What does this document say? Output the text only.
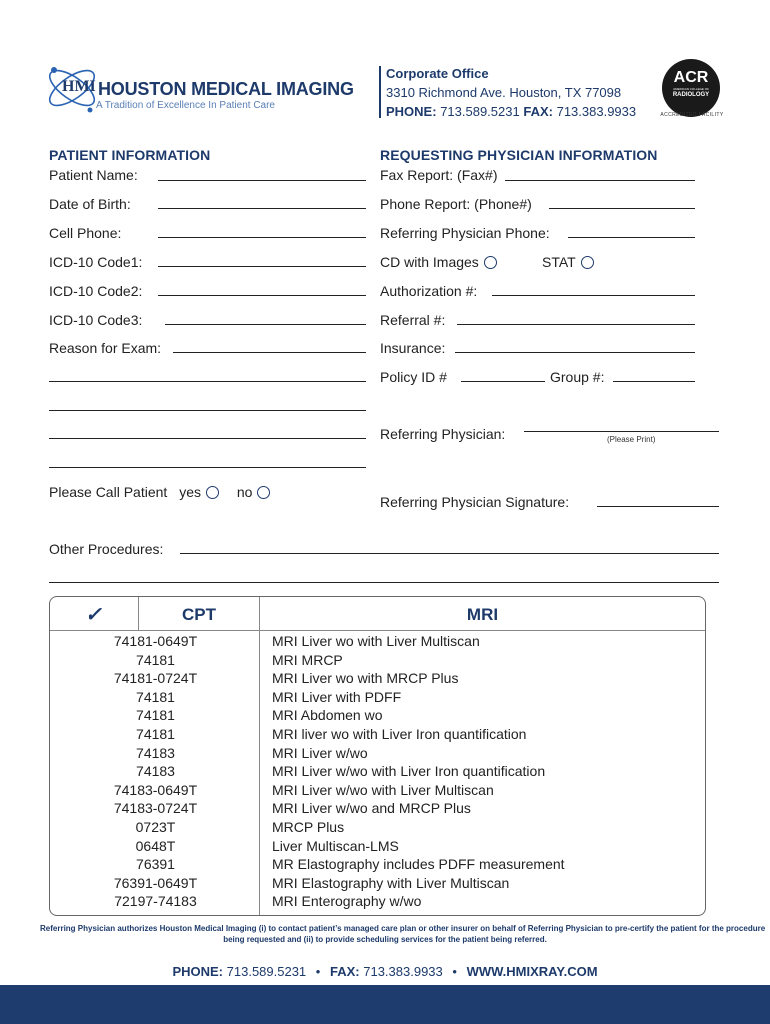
HMI HOUSTON MEDICAL IMAGING
A Tradition of Excellence In Patient Care
Corporate Office
3310 Richmond Ave. Houston, TX 77098
PHONE: 713.589.5231 FAX: 713.383.9933
ACR
AMERICAN COLLEGE OF
RADIOLOGY
ACCREDITED FACILITY
PATIENT INFORMATION
Patient Name:
Date of Birth:
Cell Phone:
ICD-10 Code1:
ICD-10 Code2:
ICD-10 Code3:
Reason for Exam:
Please Call Patient yes	no
REQUESTING PHYSICIAN INFORMATION
Fax Report: (Fax#)
Phone Report: (Phone#)
Referring Physician Phone:
CD with Images	STAT
Authorization #:
Referral #:
Insurance:
Policy ID #	Group #:
Referring Physician:	(Please Print)
Referring Physician Signature:
Other Procedures:
✓	CPT	MRI
74181-0649T	MRI Liver wo with Liver Multiscan
74181	MRI MRCP
74181-0724T	MRI Liver wo with MRCP Plus
74181	MRI Liver with PDFF
74181	MRI Abdomen wo
74181	MRI liver wo with Liver Iron quantification
74183	MRI Liver w/wo
74183	MRI Liver w/wo with Liver Iron quantification
74183-0649T	MRI Liver w/wo with Liver Multiscan
74183-0724T	MRI Liver w/wo and MRCP Plus
0723T	MRCP Plus
0648T	Liver Multiscan-LMS
76391	MR Elastography includes PDFF measurement
76391-0649T	MRI Elastography with Liver Multiscan
72197-74183	MRI Enterography w/wo
Referring Physician authorizes Houston Medical Imaging (i) to contact patient’s managed care plan or other insurer on behalf of Referring Physician to pre-certify the patient for the procedure
being requested and (ii) to provide scheduling services for the patient being referred.
PHONE: 713.589.5231 • FAX: 713.383.9933 • WWW.HMIXRAY.COM
